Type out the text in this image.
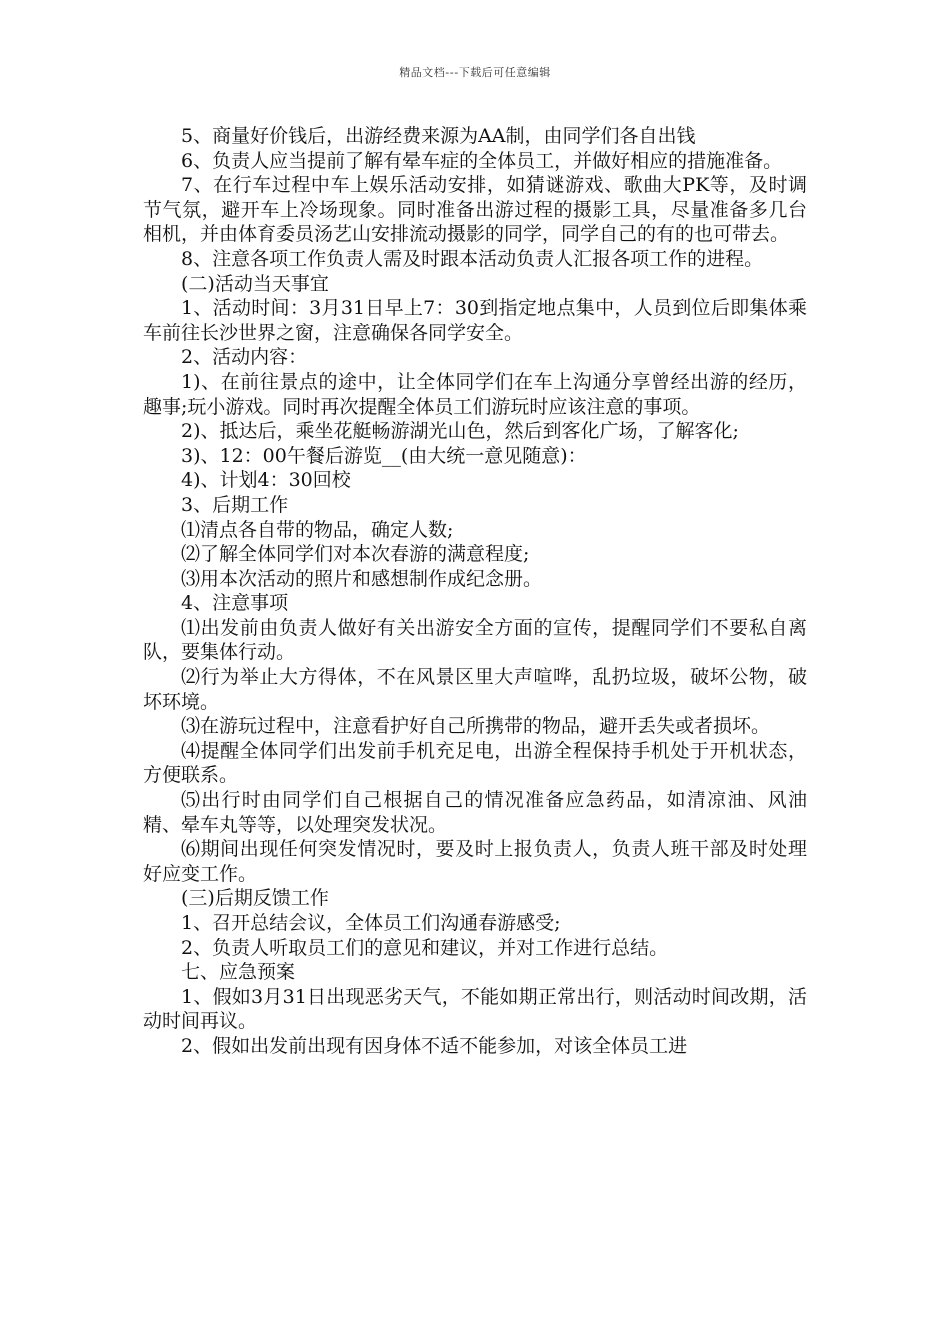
精品文档---下载后可任意编辑

5、商量好价钱后，出游经费来源为AA制，由同学们各自出钱

6、负责人应当提前了解有晕车症的全体员工，并做好相应的措施准备。

7、在行车过程中车上娱乐活动安排，如猜谜游戏、歌曲大PK等，及时调节气氛，避开车上冷场现象。同时准备出游过程的摄影工具，尽量准备多几台相机，并由体育委员汤艺山安排流动摄影的同学，同学自己的有的也可带去。

8、注意各项工作负责人需及时跟本活动负责人汇报各项工作的进程。

(二)活动当天事宜

1、活动时间：3月31日早上7：30到指定地点集中，人员到位后即集体乘车前往长沙世界之窗，注意确保各同学安全。

2、活动内容：

1)、在前往景点的途中，让全体同学们在车上沟通分享曾经出游的经历，趣事;玩小游戏。同时再次提醒全体员工们游玩时应该注意的事项。

2)、抵达后，乘坐花艇畅游湖光山色，然后到客化广场，了解客化;

3)、12：00午餐后游览__(由大统一意见随意)：

4)、计划4：30回校

3、后期工作

⑴清点各自带的物品，确定人数;

⑵了解全体同学们对本次春游的满意程度;

⑶用本次活动的照片和感想制作成纪念册。

4、注意事项

⑴出发前由负责人做好有关出游安全方面的宣传，提醒同学们不要私自离队，要集体行动。

⑵行为举止大方得体，不在风景区里大声喧哗，乱扔垃圾，破坏公物，破坏环境。

⑶在游玩过程中，注意看护好自己所携带的物品，避开丢失或者损坏。

⑷提醒全体同学们出发前手机充足电，出游全程保持手机处于开机状态，方便联系。

⑸出行时由同学们自己根据自己的情况准备应急药品，如清凉油、风油精、晕车丸等等，以处理突发状况。

⑹期间出现任何突发情况时，要及时上报负责人，负责人班干部及时处理好应变工作。

(三)后期反馈工作

1、召开总结会议，全体员工们沟通春游感受;

2、负责人听取员工们的意见和建议，并对工作进行总结。

七、应急预案

1、假如3月31日出现恶劣天气，不能如期正常出行，则活动时间改期，活动时间再议。

2、假如出发前出现有因身体不适不能参加，对该全体员工进
